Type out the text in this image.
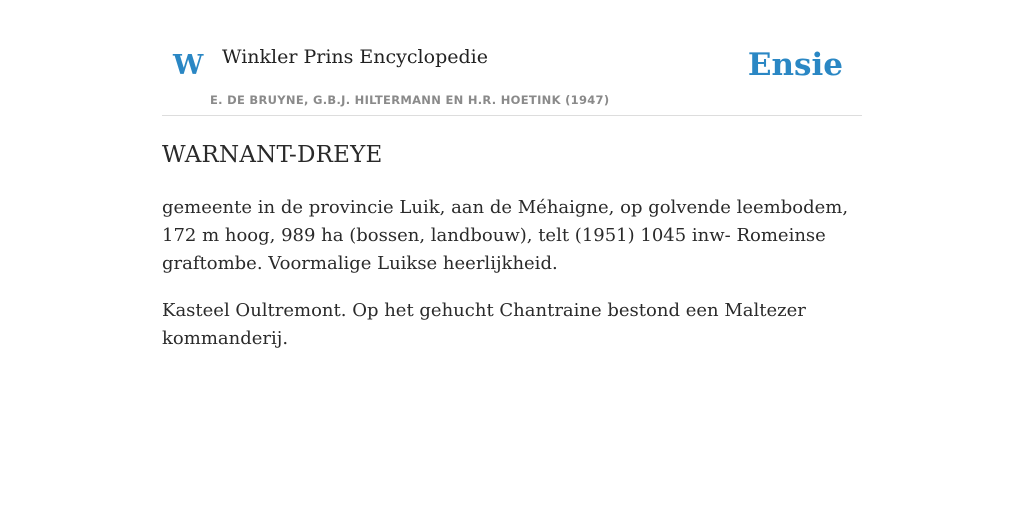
W Winkler Prins Encyclopedie
E. DE BRUYNE, G.B.J. HILTERMANN EN H.R. HOETINK (1947)
Ensie
WARNANT-DREYE

gemeente in de provincie Luik, aan de Méhaigne, op golvende leembodem, 172 m hoog, 989 ha (bossen, landbouw), telt (1951) 1045 inw- Romeinse graftombe. Voormalige Luikse heerlijkheid.

Kasteel Oultremont. Op het gehucht Chantraine bestond een Maltezer kommanderij.
